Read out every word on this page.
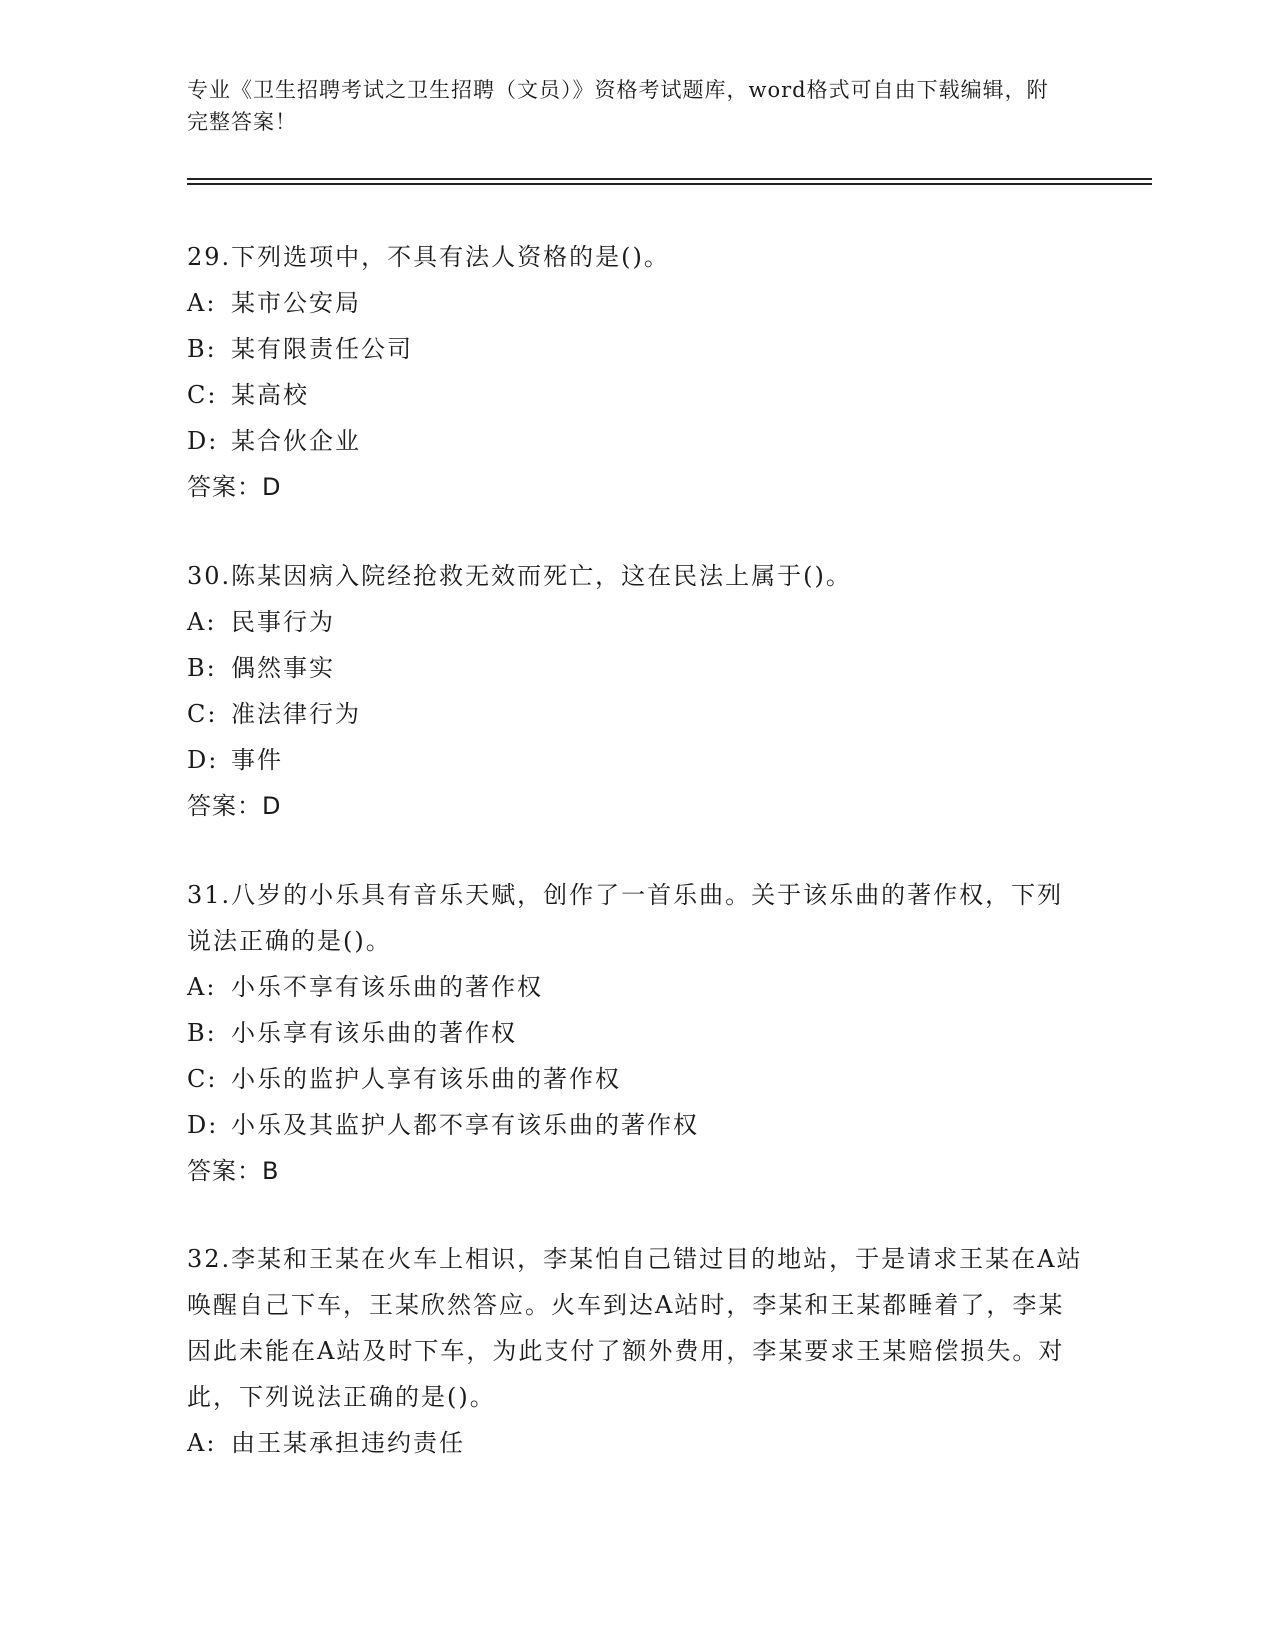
专业《卫生招聘考试之卫生招聘（文员）》资格考试题库，word格式可自由下载编辑，附完整答案！

29.下列选项中，不具有法人资格的是()。

A: 某市公安局

B: 某有限责任公司

C: 某高校

D: 某合伙企业

答案：D

30.陈某因病入院经抢救无效而死亡，这在民法上属于()。

A: 民事行为

B: 偶然事实

C: 准法律行为

D: 事件

答案：D

31.八岁的小乐具有音乐天赋，创作了一首乐曲。关于该乐曲的著作权，下列说法正确的是()。

A: 小乐不享有该乐曲的著作权

B: 小乐享有该乐曲的著作权

C: 小乐的监护人享有该乐曲的著作权

D: 小乐及其监护人都不享有该乐曲的著作权

答案：B

32.李某和王某在火车上相识，李某怕自己错过目的地站，于是请求王某在A站唤醒自己下车，王某欣然答应。火车到达A站时，李某和王某都睡着了，李某因此未能在A站及时下车，为此支付了额外费用，李某要求王某赔偿损失。对此，下列说法正确的是()。

A: 由王某承担违约责任
